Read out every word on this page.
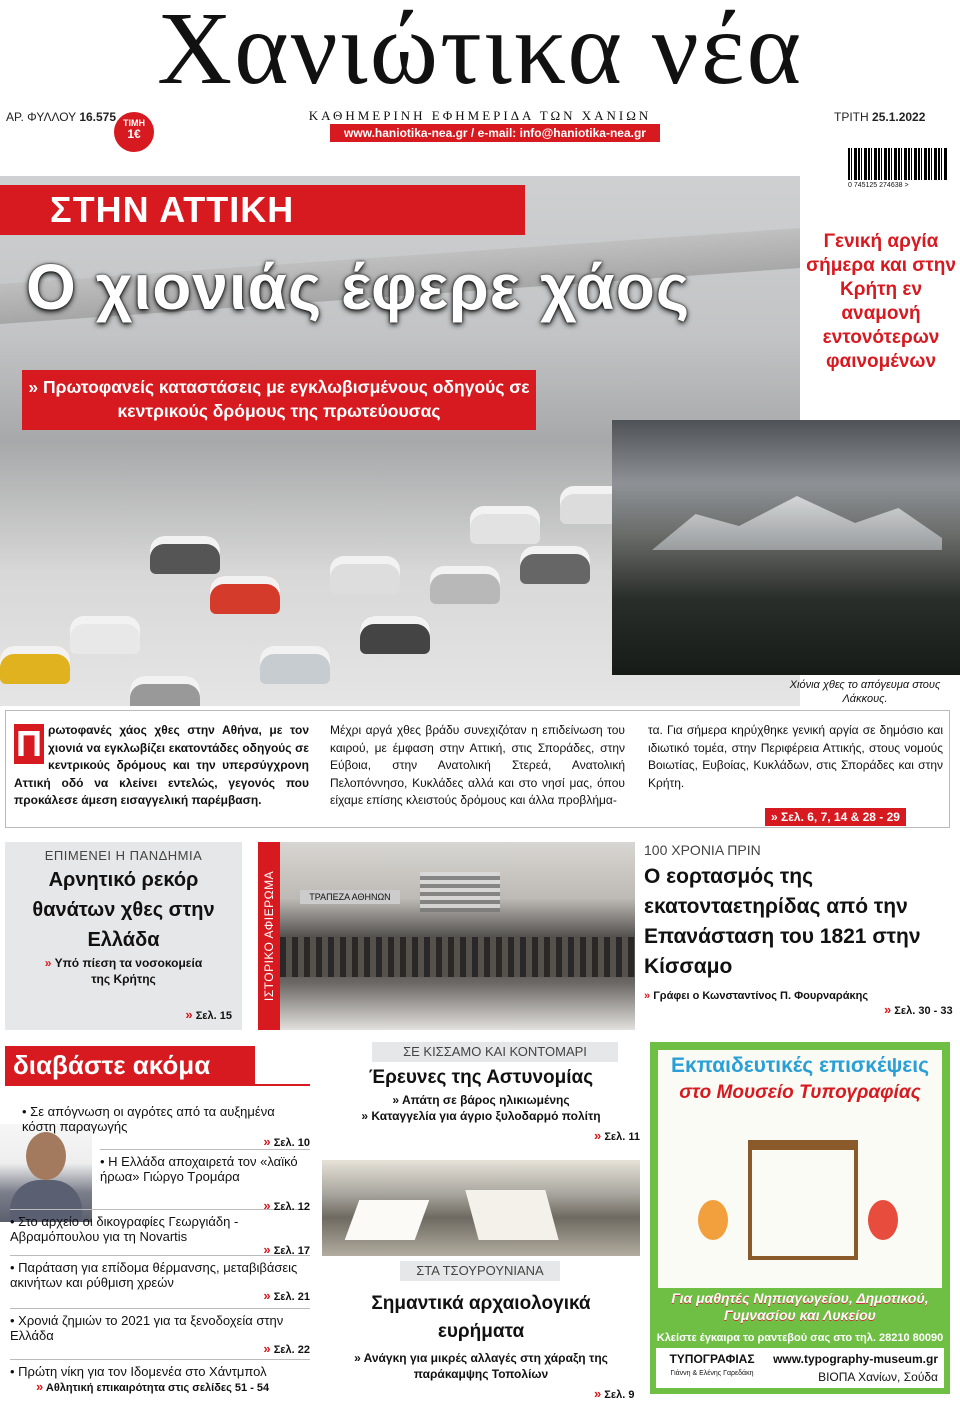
Χανιώτικα νέα
ΑΡ. ΦΥΛΛΟΥ 16.575 ΤΙΜΗ
1€
ΚΑΘΗΜΕΡΙΝΗ ΕΦΗΜΕΡΙΔΑ ΤΩΝ ΧΑΝΙΩΝ
www.haniotika-nea.gr / e-mail: info@haniotika-nea.gr
ΤΡΙΤΗ 25.1.2022
0 745125 274638 >
ΣΤΗΝ ΑΤΤΙΚΗ
Ο χιονιάς έφερε χάος
» Πρωτοφανείς καταστάσεις με εγκλωβισμένους οδηγούς σε κεντρικούς δρόμους της πρωτεύουσας
Γενική αργία σήμερα και στην Κρήτη εν αναμονή εντονότερων φαινομένων
Χιόνια χθες το απόγευμα στους Λάκκους.
Π ρωτοφανές χάος χθες στην Αθήνα, με τον χιονιά να εγκλωβίζει εκατοντάδες οδηγούς σε κεντρικούς δρόμους και την υπερσύγχρονη Αττική οδό να κλείνει εντελώς, γεγονός που προκάλεσε άμεση εισαγγελική παρέμβαση.
Μέχρι αργά χθες βράδυ συνεχιζόταν η επιδείνωση του καιρού, με έμφαση στην Αττική, στις Σποράδες, στην Εύβοια, στην Ανατολική Στερεά, Ανατολική Πελοπόννησο, Κυκλάδες αλλά και στο νησί μας, όπου είχαμε επίσης κλειστούς δρόμους και άλλα προβλήμα-
τα. Για σήμερα κηρύχθηκε γενική αργία σε δημόσιο και ιδιωτικό τομέα, στην Περιφέρεια Αττικής, στους νομούς Βοιωτίας, Ευβοίας, Κυκλάδων, στις Σποράδες και στην Κρήτη.
» Σελ. 6, 7, 14 & 28 - 29
ΕΠΙΜΕΝΕΙ Η ΠΑΝΔΗΜΙΑ
Αρνητικό ρεκόρ θανάτων χθες στην Ελλάδα
» Υπό πίεση τα νοσοκομεία της Κρήτης
» Σελ. 15
ΙΣΤΟΡΙΚΟ ΑΦΙΕΡΩΜΑ	ΤΡΑΠΕΖΑ ΑΘΗΝΩΝ
100 ΧΡΟΝΙΑ ΠΡΙΝ
Ο εορτασμός της εκατονταετηρίδας από την Επανάσταση του 1821 στην Κίσσαμο
» Γράφει ο Κωνσταντίνος Π. Φουρναράκης
» Σελ. 30 - 33
διαβάστε ακόμα
• Σε απόγνωση οι αγρότες από τα αυξημένα κόστη παραγωγής
» Σελ. 10
• Η Ελλάδα αποχαιρετά τον «λαϊκό ήρωα» Γιώργο Τρομάρα
» Σελ. 12
• Στο αρχείο οι δικογραφίες Γεωργιάδη - Αβραμόπουλου για τη Novartis
» Σελ. 17
• Παράταση για επίδομα θέρμανσης, μεταβιβάσεις ακινήτων και ρύθμιση χρεών
» Σελ. 21
• Χρονιά ζημιών το 2021 για τα ξενοδοχεία στην Ελλάδα
» Σελ. 22
• Πρώτη νίκη για τον Ιδομενέα στο Χάντμπολ
» Αθλητική επικαιρότητα στις σελίδες 51 - 54
ΣΕ ΚΙΣΣΑΜΟ ΚΑΙ ΚΟΝΤΟΜΑΡΙ
Έρευνες της Αστυνομίας
» Απάτη σε βάρος ηλικιωμένης
» Καταγγελία για άγριο ξυλοδαρμό πολίτη
» Σελ. 11
ΣΤΑ ΤΣΟΥΡΟΥΝΙΑΝΑ
Σημαντικά αρχαιολογικά ευρήματα
» Ανάγκη για μικρές αλλαγές στη χάραξη της παράκαμψης Τοπολίων
» Σελ. 9
Εκπαιδευτικές επισκέψεις
στο Μουσείο Τυπογραφίας
Για μαθητές Νηπιαγωγείου, Δημοτικού, Γυμνασίου και Λυκείου
Κλείστε έγκαιρα το ραντεβού σας στο τηλ. 28210 80090
ΤΥΠΟΓΡΑΦΙΑΣ
Γιάννη & Ελένης Γαρεδάκη
www.typography-museum.gr
ΒΙΟΠΑ Χανίων, Σούδα
